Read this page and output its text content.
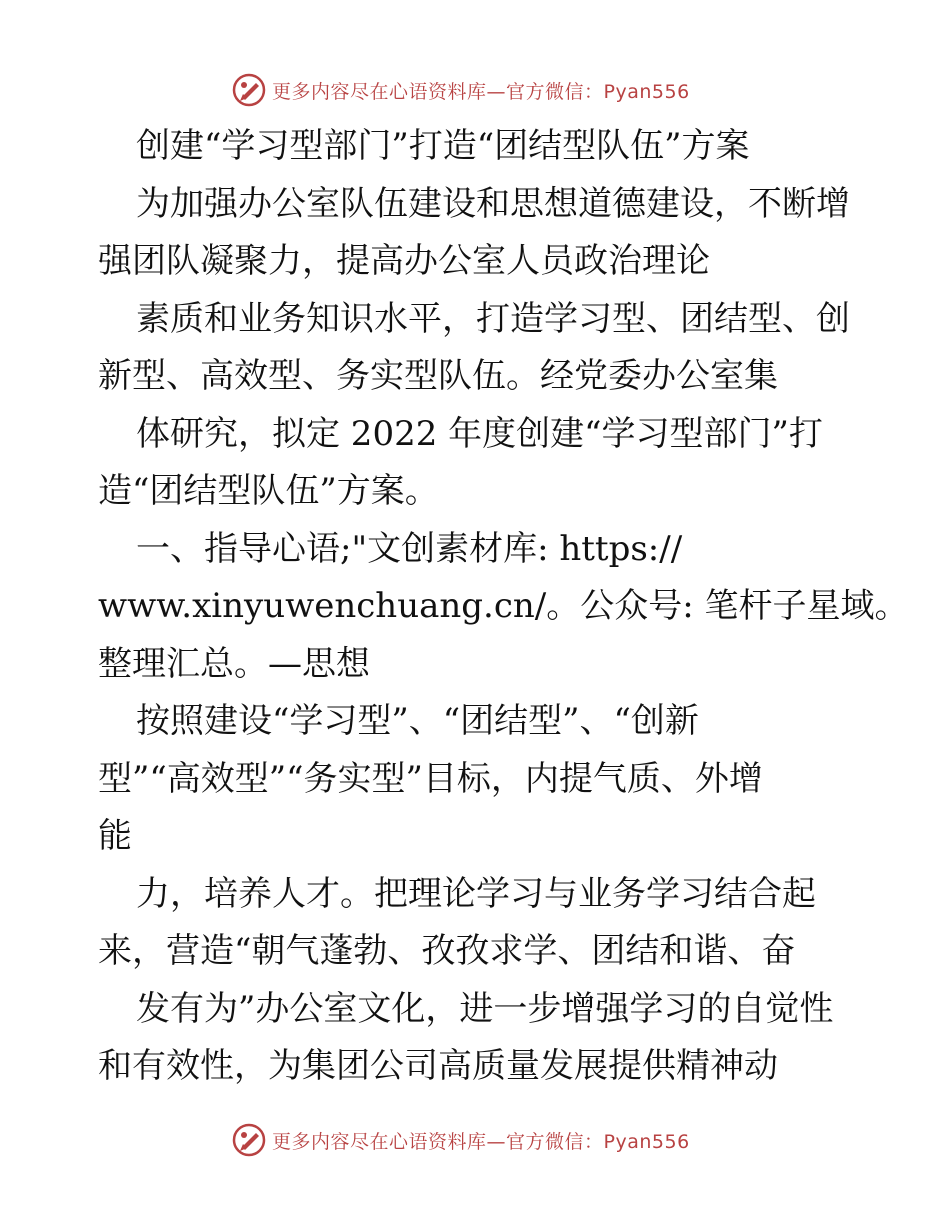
更多内容尽在心语资料库—官方微信：Pyan556
创建“学习型部门”打造“团结型队伍”方案
为加强办公室队伍建设和思想道德建设，不断增
强团队凝聚力，提高办公室人员政治理论
素质和业务知识水平，打造学习型、团结型、创
新型、高效型、务实型队伍。经党委办公室集
体研究，拟定 2022 年度创建“学习型部门”打
造“团结型队伍”方案。
一、指导心语;"文创素材库: https://
www.xinyuwenchuang.cn/。公众号: 笔杆子星域。
整理汇总。—思想
按照建设“学习型”、“团结型”、“创新
型”“高效型”“务实型”目标，内提气质、外增
能
力，培养人才。把理论学习与业务学习结合起
来，营造“朝气蓬勃、孜孜求学、团结和谐、奋
发有为”办公室文化，进一步增强学习的自觉性
和有效性，为集团公司高质量发展提供精神动
更多内容尽在心语资料库—官方微信：Pyan556
